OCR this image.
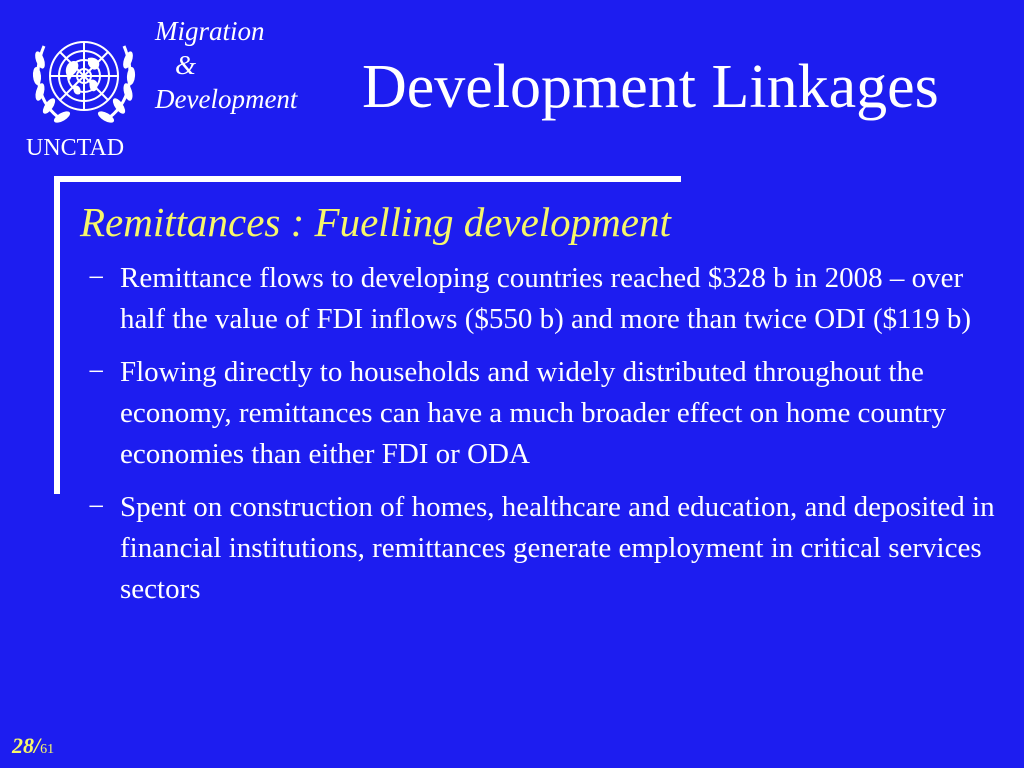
UNCTAD
Migration
&
Development	Development Linkages
Remittances : Fuelling development
− Remittance flows to developing countries reached $328 b in 2008 – over half the value of FDI inflows ($550 b) and more than twice ODI ($119 b)
− Flowing directly to households and widely distributed throughout the economy, remittances can have a much broader effect on home country economies than either FDI or ODA
− Spent on construction of homes, healthcare and education, and deposited in financial institutions, remittances generate employment in critical services sectors
28/61
